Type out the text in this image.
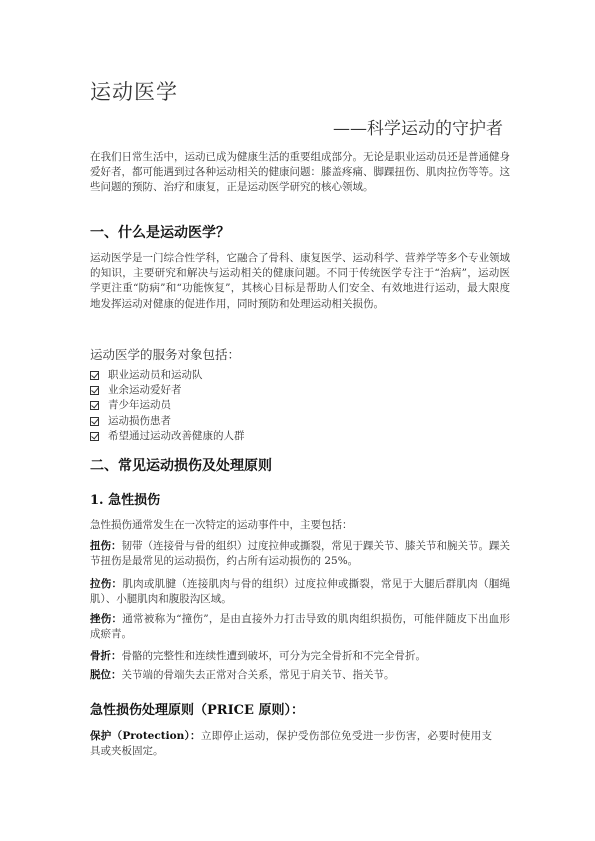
运动医学
——科学运动的守护者
在我们日常生活中，运动已成为健康生活的重要组成部分。无论是职业运动员还是普通健身爱好者，都可能遇到过各种运动相关的健康问题：膝盖疼痛、脚踝扭伤、肌肉拉伤等等。这些问题的预防、治疗和康复，正是运动医学研究的核心领域。
一、什么是运动医学？
运动医学是一门综合性学科，它融合了骨科、康复医学、运动科学、营养学等多个专业领域的知识，主要研究和解决与运动相关的健康问题。不同于传统医学专注于“治病”，运动医学更注重“防病”和“功能恢复”，其核心目标是帮助人们安全、有效地进行运动，最大限度地发挥运动对健康的促进作用，同时预防和处理运动相关损伤。
运动医学的服务对象包括：
职业运动员和运动队
业余运动爱好者
青少年运动员
运动损伤患者
希望通过运动改善健康的人群
二、常见运动损伤及处理原则
1. 急性损伤
急性损伤通常发生在一次特定的运动事件中，主要包括：
扭伤：韧带（连接骨与骨的组织）过度拉伸或撕裂，常见于踝关节、膝关节和腕关节。踝关节扭伤是最常见的运动损伤，约占所有运动损伤的 25%。
拉伤：肌肉或肌腱（连接肌肉与骨的组织）过度拉伸或撕裂，常见于大腿后群肌肉（腘绳肌）、小腿肌肉和腹股沟区域。
挫伤：通常被称为“撞伤”，是由直接外力打击导致的肌肉组织损伤，可能伴随皮下出血形成瘀青。
骨折：骨骼的完整性和连续性遭到破坏，可分为完全骨折和不完全骨折。
脱位：关节端的骨端失去正常对合关系，常见于肩关节、指关节。
急性损伤处理原则（PRICE 原则）：
保护（Protection）：立即停止运动，保护受伤部位免受进一步伤害，必要时使用支具或夹板固定。
